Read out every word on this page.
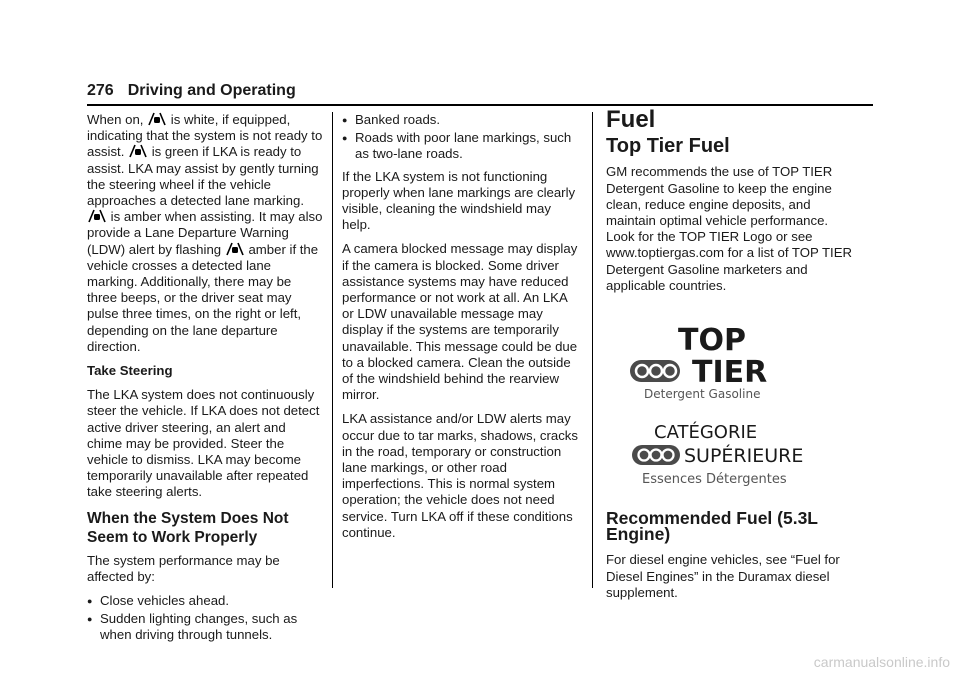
276 Driving and Operating

When on, is white, if equipped, indicating that the system is not ready to assist. is green if LKA is ready to assist. LKA may assist by gently turning the steering wheel if the vehicle approaches a detected lane marking.  is amber when assisting. It may also provide a Lane Departure Warning (LDW) alert by flashing amber if the vehicle crosses a detected lane marking. Additionally, there may be three beeps, or the driver seat may pulse three times, on the right or left, depending on the lane departure direction.

Take Steering

The LKA system does not continuously steer the vehicle. If LKA does not detect active driver steering, an alert and chime may be provided. Steer the vehicle to dismiss. LKA may become temporarily unavailable after repeated take steering alerts.

When the System Does Not Seem to Work Properly

The system performance may be affected by:

● Close vehicles ahead.
● Sudden lighting changes, such as when driving through tunnels.
● Banked roads.
● Roads with poor lane markings, such as two-lane roads.

If the LKA system is not functioning properly when lane markings are clearly visible, cleaning the windshield may help.

A camera blocked message may display if the camera is blocked. Some driver assistance systems may have reduced performance or not work at all. An LKA or LDW unavailable message may display if the systems are temporarily unavailable. This message could be due to a blocked camera. Clean the outside of the windshield behind the rearview mirror.

LKA assistance and/or LDW alerts may occur due to tar marks, shadows, cracks in the road, temporary or construction lane markings, or other road imperfections. This is normal system operation; the vehicle does not need service. Turn LKA off if these conditions continue.

Fuel
Top Tier Fuel

GM recommends the use of TOP TIER Detergent Gasoline to keep the engine clean, reduce engine deposits, and maintain optimal vehicle performance. Look for the TOP TIER Logo or see www.toptiergas.com for a list of TOP TIER Detergent Gasoline marketers and applicable countries.

TOP
TIER
Detergent Gasoline
CATÉGORIE
SUPÉRIEURE
Essences Détergentes
Recommended Fuel (5.3L Engine)

For diesel engine vehicles, see “Fuel for Diesel Engines” in the Duramax diesel supplement.

carmanualsonline.info
